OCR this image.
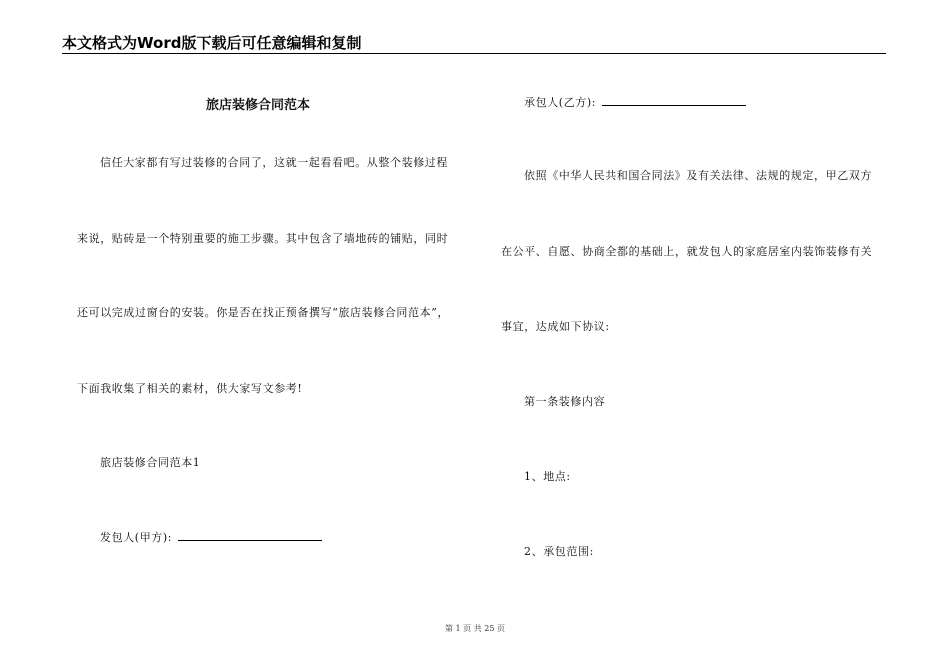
本文格式为Word版下载后可任意编辑和复制
旅店装修合同范本
信任大家都有写过装修的合同了，这就一起看看吧。从整个装修过程
来说，贴砖是一个特别重要的施工步骤。其中包含了墙地砖的铺贴，同时
还可以完成过窗台的安装。你是否在找正预备撰写“旅店装修合同范本”，
下面我收集了相关的素材，供大家写文参考!
旅店装修合同范本1
发包人(甲方):
承包人(乙方):
依照《中华人民共和国合同法》及有关法律、法规的规定，甲乙双方
在公平、自愿、协商全都的基础上，就发包人的家庭居室内装饰装修有关
事宜，达成如下协议:
第一条装修内容
1、地点:
2、承包范围:
第 1 页 共 25 页
